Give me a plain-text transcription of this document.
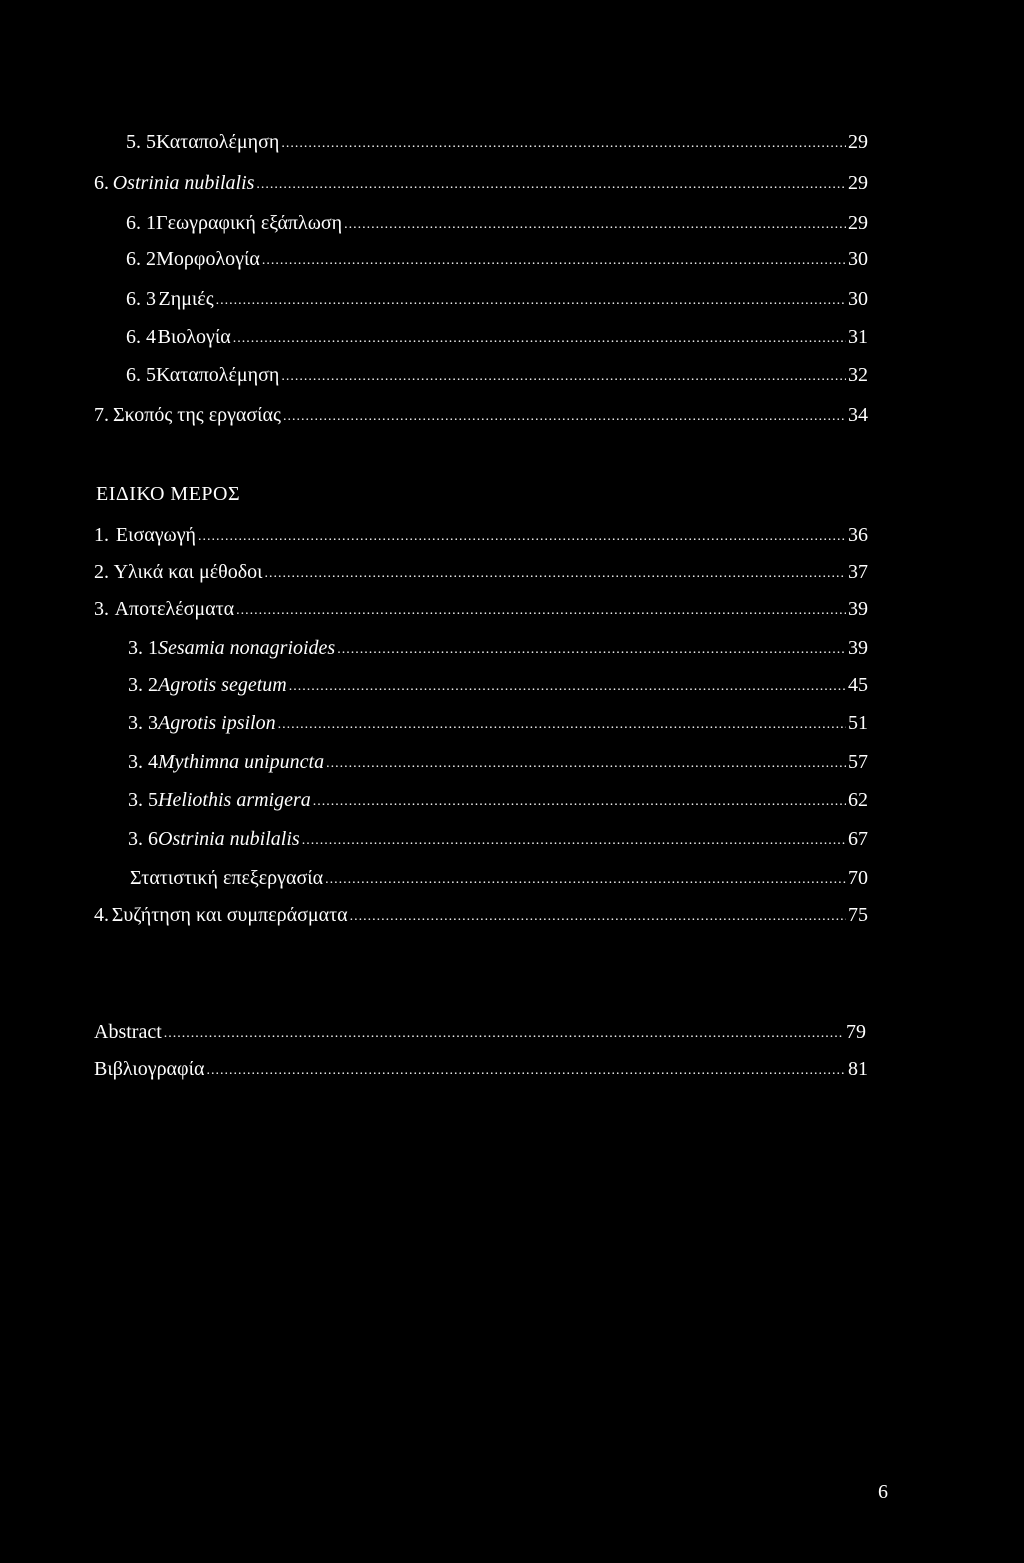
5. 5 Καταπολέμηση .....	29
6. Ostrinia nubilalis .....	29
6. 1 Γεωγραφική εξάπλωση .....	29
6. 2 Μορφολογία .....	30
6. 3 Ζημιές .....	30
6. 4 Βιολογία .....	31
6. 5 Καταπολέμηση .....	32
7. Σκοπός της εργασίας .....	34
ΕΙΔΙΚΟ ΜΕΡΟΣ
1. Εισαγωγή .....	36
2. Υλικά και μέθοδοι .....	37
3. Αποτελέσματα .....	39
3. 1 Sesamia nonagrioides .....	39
3. 2 Agrotis segetum .....	45
3. 3 Agrotis ipsilon .....	51
3. 4 Mythimna unipuncta .....	57
3. 5 Heliothis armigera .....	62
3. 6 Ostrinia nubilalis .....	67
Στατιστική επεξεργασία .....	70
4. Συζήτηση και συμπεράσματα .....	75
Abstract .....	79
Βιβλιογραφία .....	81
6
